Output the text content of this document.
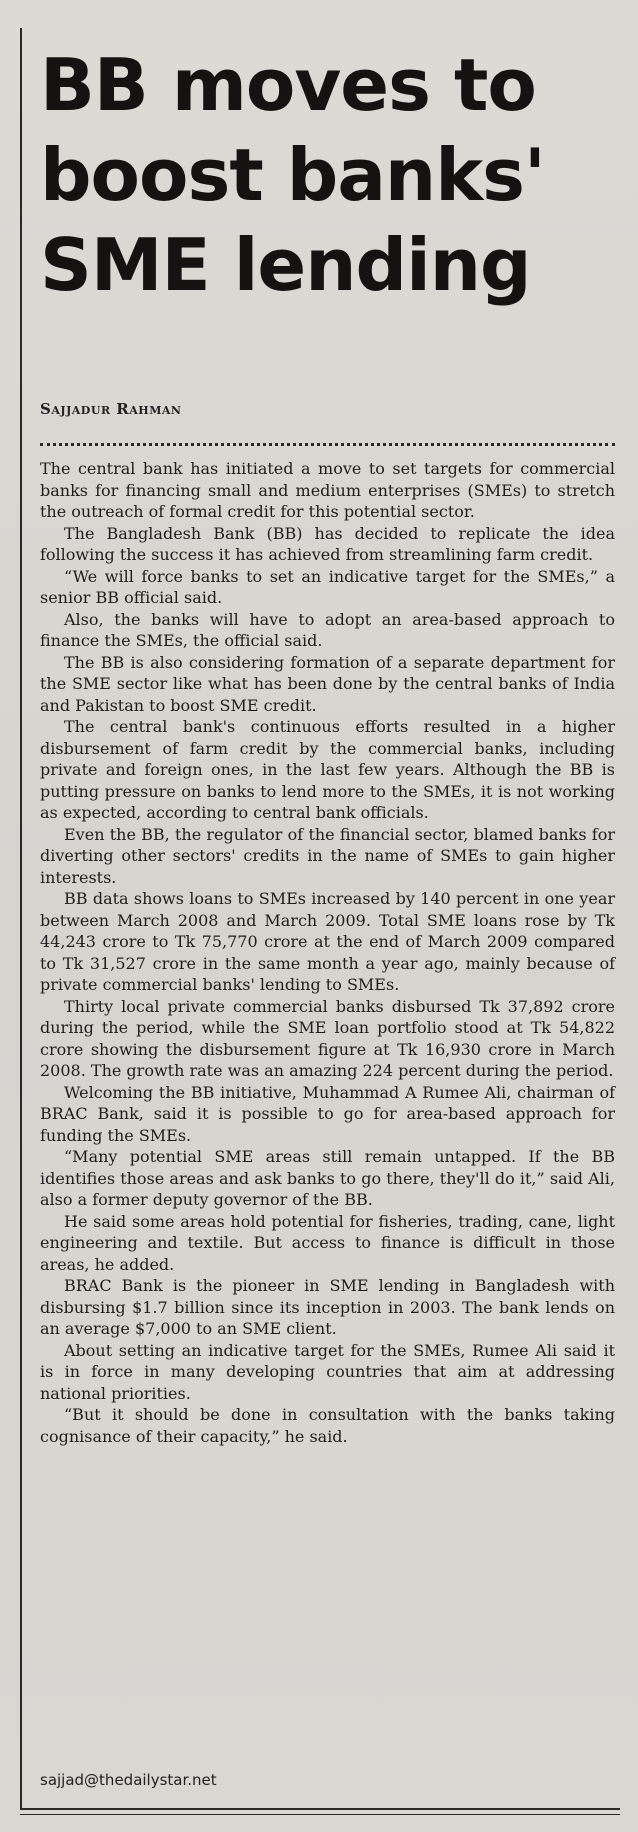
BB moves to
boost banks'
SME lending
Sajjadur Rahman

The central bank has initiated a move to set targets for commercial banks for financing small and medium enterprises (SMEs) to stretch the outreach of formal credit for this potential sector.

The Bangladesh Bank (BB) has decided to replicate the idea following the success it has achieved from streamlining farm credit.

“We will force banks to set an indicative target for the SMEs,” a senior BB official said.

Also, the banks will have to adopt an area-based approach to finance the SMEs, the official said.

The BB is also considering formation of a separate department for the SME sector like what has been done by the central banks of India and Pakistan to boost SME credit.

The central bank's continuous efforts resulted in a higher disbursement of farm credit by the commercial banks, including private and foreign ones, in the last few years. Although the BB is putting pressure on banks to lend more to the SMEs, it is not working as expected, according to central bank officials.

Even the BB, the regulator of the financial sector, blamed banks for diverting other sectors' credits in the name of SMEs to gain higher interests.

BB data shows loans to SMEs increased by 140 percent in one year between March 2008 and March 2009. Total SME loans rose by Tk 44,243 crore to Tk 75,770 crore at the end of March 2009 compared to Tk 31,527 crore in the same month a year ago, mainly because of private commercial banks' lending to SMEs.

Thirty local private commercial banks disbursed Tk 37,892 crore during the period, while the SME loan portfolio stood at Tk 54,822 crore showing the disbursement figure at Tk 16,930 crore in March 2008. The growth rate was an amazing 224 percent during the period.

Welcoming the BB initiative, Muhammad A Rumee Ali, chairman of BRAC Bank, said it is possible to go for area-based approach for funding the SMEs.

“Many potential SME areas still remain untapped. If the BB identifies those areas and ask banks to go there, they'll do it,” said Ali, also a former deputy governor of the BB.

He said some areas hold potential for fisheries, trading, cane, light engineering and textile. But access to finance is difficult in those areas, he added.

BRAC Bank is the pioneer in SME lending in Bangladesh with disbursing $1.7 billion since its inception in 2003. The bank lends on an average $7,000 to an SME client.

About setting an indicative target for the SMEs, Rumee Ali said it is in force in many developing countries that aim at addressing national priorities.

“But it should be done in consultation with the banks taking cognisance of their capacity,” he said.

sajjad@thedailystar.net
